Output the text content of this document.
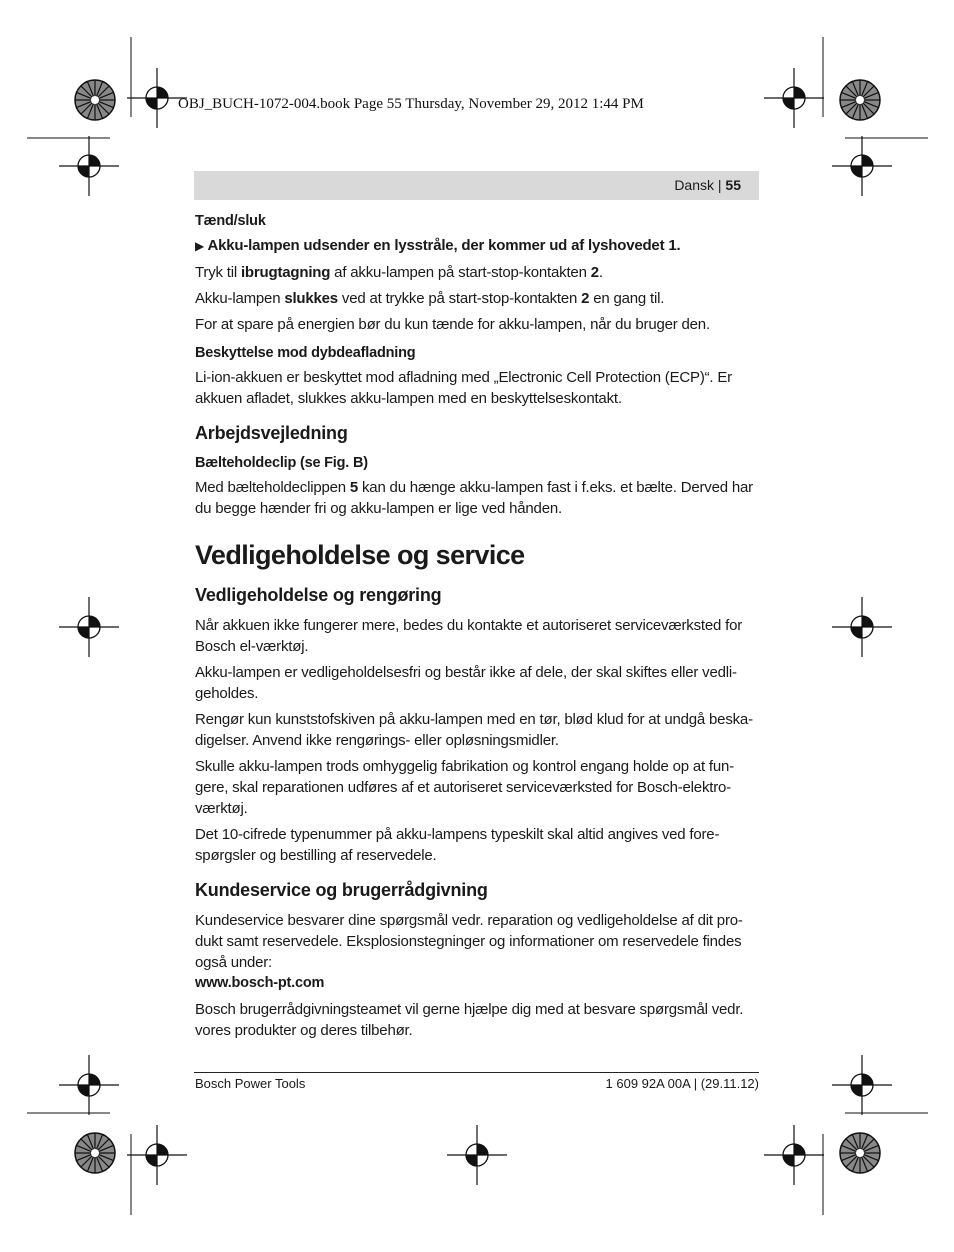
OBJ_BUCH-1072-004.book Page 55 Thursday, November 29, 2012 1:44 PM
Dansk | 55
Tænd/sluk

▶ Akku-lampen udsender en lysstråle, der kommer ud af lyshovedet 1.

Tryk til ibrugtagning af akku-lampen på start-stop-kontakten 2.

Akku-lampen slukkes ved at trykke på start-stop-kontakten 2 en gang til.

For at spare på energien bør du kun tænde for akku-lampen, når du bruger den.

Beskyttelse mod dybdeafladning

Li-ion-akkuen er beskyttet mod afladning med „Electronic Cell Protection (ECP)“. Er akkuen afladet, slukkes akku-lampen med en beskyttelseskontakt.

Arbejdsvejledning
Bælteholdeclip (se Fig. B)

Med bælteholdeclippen 5 kan du hænge akku-lampen fast i f.eks. et bælte. Derved har du begge hænder fri og akku-lampen er lige ved hånden.

Vedligeholdelse og service
Vedligeholdelse og rengøring

Når akkuen ikke fungerer mere, bedes du kontakte et autoriseret serviceværksted for Bosch el-værktøj.

Akku-lampen er vedligeholdelsesfri og består ikke af dele, der skal skiftes eller vedli-geholdes.

Rengør kun kunststofskiven på akku-lampen med en tør, blød klud for at undgå beska-digelser. Anvend ikke rengørings- eller opløsningsmidler.

Skulle akku-lampen trods omhyggelig fabrikation og kontrol engang holde op at fun-gere, skal reparationen udføres af et autoriseret serviceværksted for Bosch-elektro-værktøj.

Det 10-cifrede typenummer på akku-lampens typeskilt skal altid angives ved fore-spørgsler og bestilling af reservedele.

Kundeservice og brugerrådgivning

Kundeservice besvarer dine spørgsmål vedr. reparation og vedligeholdelse af dit pro-dukt samt reservedele. Eksplosionstegninger og informationer om reservedele findes også under:

www.bosch-pt.com

Bosch brugerrådgivningsteamet vil gerne hjælpe dig med at besvare spørgsmål vedr. vores produkter og deres tilbehør.

Bosch Power Tools	1 609 92A 00A | (29.11.12)
